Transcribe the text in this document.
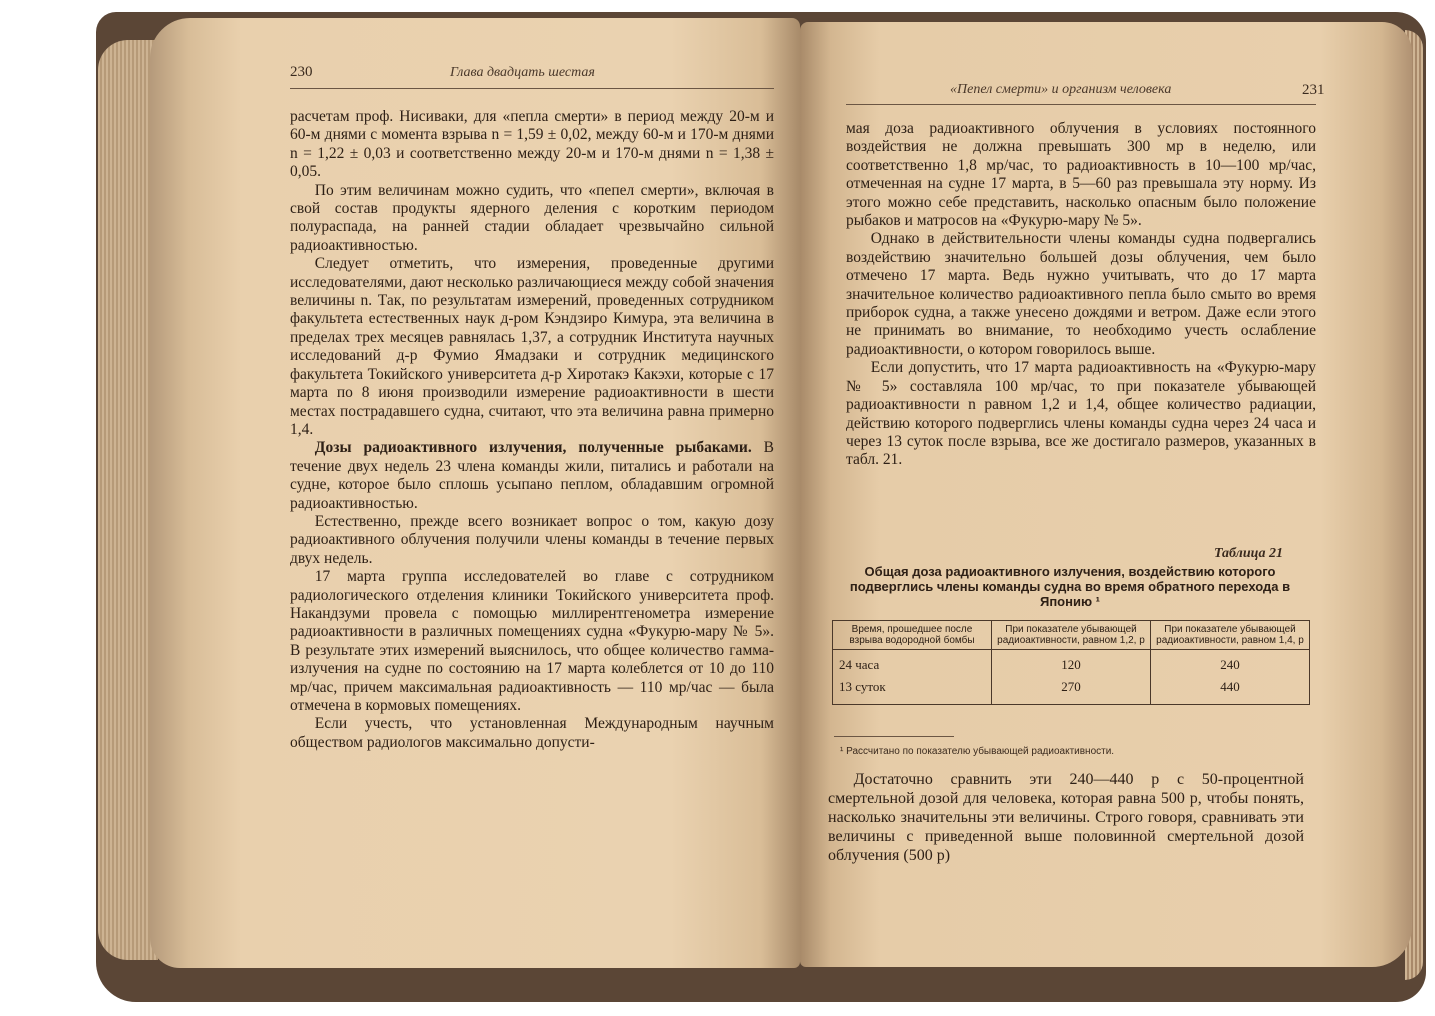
230	Глава двадцать шестая

расчетам проф. Нисиваки, для «пепла смерти» в период между 20-м и 60-м днями с момента взрыва n = 1,59 ± 0,02, между 60-м и 170-м днями n = 1,22 ± 0,03 и соответственно между 20-м и 170-м днями n = 1,38 ± 0,05.

По этим величинам можно судить, что «пепел смерти», включая в свой состав продукты ядерного деления с коротким периодом полураспада, на ранней стадии обладает чрезвычайно сильной радиоактивностью.

Следует отметить, что измерения, проведенные другими исследователями, дают несколько различающиеся между собой значения величины n. Так, по результатам измерений, проведенных сотрудником факультета естественных наук д-ром Кэндзиро Кимура, эта величина в пределах трех месяцев равнялась 1,37, а сотрудник Института научных исследований д-р Фумио Ямадзаки и сотрудник медицинского факультета Токийского университета д-р Хиротакэ Какэхи, которые с 17 марта по 8 июня производили измерение радиоактивности в шести местах пострадавшего судна, считают, что эта величина равна примерно 1,4.

Дозы радиоактивного излучения, полученные рыбаками. В течение двух недель 23 члена команды жили, питались и работали на судне, которое было сплошь усыпано пеплом, обладавшим огромной радиоактивностью.

Естественно, прежде всего возникает вопрос о том, какую дозу радиоактивного облучения получили члены команды в течение первых двух недель.

17 марта группа исследователей во главе с сотрудником радиологического отделения клиники Токийского университета проф. Накандзуми провела с помощью миллирентгенометра измерение радиоактивности в различных помещениях судна «Фукурю-мару № 5». В результате этих измерений выяснилось, что общее количество гамма-излучения на судне по состоянию на 17 марта колеблется от 10 до 110 мр/час, причем максимальная радиоактивность — 110 мр/час — была отмечена в кормовых помещениях.

Если учесть, что установленная Международным научным обществом радиологов максимально допусти-

«Пепел смерти» и организм человека	231

мая доза радиоактивного облучения в условиях постоянного воздействия не должна превышать 300 мр в неделю, или соответственно 1,8 мр/час, то радиоактивность в 10—100 мр/час, отмеченная на судне 17 марта, в 5—60 раз превышала эту норму. Из этого можно себе представить, насколько опасным было положение рыбаков и матросов на «Фукурю-мару № 5».

Однако в действительности члены команды судна подвергались воздействию значительно большей дозы облучения, чем было отмечено 17 марта. Ведь нужно учитывать, что до 17 марта значительное количество радиоактивного пепла было смыто во время приборок судна, а также унесено дождями и ветром. Даже если этого не принимать во внимание, то необходимо учесть ослабление радиоактивности, о котором говорилось выше.

Если допустить, что 17 марта радиоактивность на «Фукурю-мару № 5» составляла 100 мр/час, то при показателе убывающей радиоактивности n равном 1,2 и 1,4, общее количество радиации, действию которого подверглись члены команды судна через 24 часа и через 13 суток после взрыва, все же достигало размеров, указанных в табл. 21.

Таблица 21
Общая доза радиоактивного излучения, воздействию которого подверглись члены команды судна во время обратного перехода в Японию ¹
Время, прошедшее после взрыва водородной бомбы	При показателе убывающей радиоактивности, равном 1,2, р	При показателе убывающей радиоактивности, равном 1,4, р
24 часа	120	240
13 суток	270	440
¹ Рассчитано по показателю убывающей радиоактивности.

Достаточно сравнить эти 240—440 р с 50-процентной смертельной дозой для человека, которая равна 500 р, чтобы понять, насколько значительны эти величины. Строго говоря, сравнивать эти величины с приведенной выше половинной смертельной дозой облучения (500 р)
